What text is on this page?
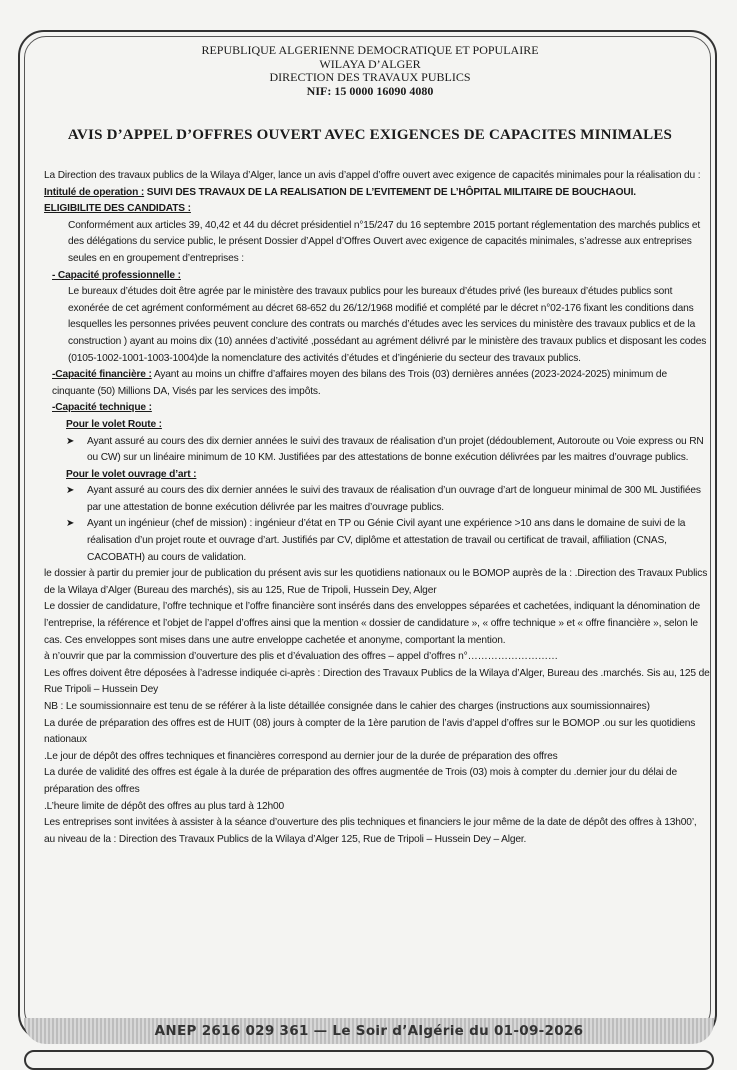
REPUBLIQUE ALGERIENNE DEMOCRATIQUE ET POPULAIRE
WILAYA D’ALGER
DIRECTION DES TRAVAUX PUBLICS
NIF: 15 0000 16090 4080
AVIS D’APPEL D’OFFRES OUVERT AVEC EXIGENCES DE CAPACITES MINIMALES

La Direction des travaux publics de la Wilaya d’Alger, lance un avis d’appel d’offre ouvert avec exigence de capacités minimales pour la réalisation du :

Intitulé de operation : SUIVI DES TRAVAUX DE LA REALISATION DE L’EVITEMENT DE L’HÔPITAL MILITAIRE DE BOUCHAOUI.

ELIGIBILITE DES CANDIDATS :

Conformément aux articles 39, 40,42 et 44 du décret présidentiel n°15/247 du 16 septembre 2015 portant réglementation des marchés publics et des délégations du service public, le présent Dossier d’Appel d’Offres Ouvert avec exigence de capacités minimales, s’adresse aux entreprises seules en en groupement d’entreprises :

- Capacité professionnelle :

Le bureaux d’études doit être agrée par le ministère des travaux publics pour les bureaux d’études privé (les bureaux d’études publics sont exonérée de cet agrément conformément au décret 68-652 du 26/12/1968 modifié et complété par le décret n°02-176 fixant les conditions dans lesquelles les personnes privées peuvent conclure des contrats ou marchés d’études avec les services du ministère des travaux publics et de la construction ) ayant au moins dix (10) années d’activité ,possédant au agrément délivré par le ministère des travaux publics et disposant les codes (0105-1002-1001-1003-1004)de la nomenclature des activités d’études et d’ingénierie du secteur des travaux publics.

-Capacité financière : Ayant au moins un chiffre d’affaires moyen des bilans des Trois (03) dernières années (2023-2024-2025) minimum de cinquante (50) Millions DA, Visés par les services des impôts.

-Capacité technique :

Pour le volet Route :

➤	Ayant assuré au cours des dix dernier années le suivi des travaux de réalisation d’un projet (dédoublement, Autoroute ou Voie express ou RN ou CW) sur un linéaire minimum de 10 KM. Justifiées par des attestations de bonne exécution délivrées par les maitres d’ouvrage publics.

Pour le volet ouvrage d’art :

➤	Ayant assuré au cours des dix dernier années le suivi des travaux de réalisation d’un ouvrage d’art de longueur minimal de 300 ML Justifiées par une attestation de bonne exécution délivrée par les maitres d’ouvrage publics.
➤	Ayant un ingénieur (chef de mission) : ingénieur d’état en TP ou Génie Civil ayant une expérience >10 ans dans le domaine de suivi de la réalisation d’un projet route et ouvrage d’art. Justifiés par CV, diplôme et attestation de travail ou certificat de travail, affiliation (CNAS, CACOBATH) au cours de validation.

le dossier à partir du premier jour de publication du présent avis sur les quotidiens nationaux ou le BOMOP auprès de la : .Direction des Travaux Publics de la Wilaya d’Alger (Bureau des marchés), sis au 125, Rue de Tripoli, Hussein Dey, Alger

Le dossier de candidature, l’offre technique et l’offre financière sont insérés dans des enveloppes séparées et cachetées, indiquant la dénomination de l’entreprise, la référence et l’objet de l’appel d’offres ainsi que la mention « dossier de candidature », « offre technique » et « offre financière », selon le cas. Ces enveloppes sont mises dans une autre enveloppe cachetée et anonyme, comportant la mention.

à n’ouvrir que par la commission d’ouverture des plis et d’évaluation des offres – appel d’offres n°………………………

Les offres doivent être déposées à l’adresse indiquée ci-après : Direction des Travaux Publics de la Wilaya d’Alger, Bureau des .marchés. Sis au, 125 de Rue Tripoli – Hussein Dey

NB : Le soumissionnaire est tenu de se référer à la liste détaillée consignée dans le cahier des charges (instructions aux soumissionnaires)

La durée de préparation des offres est de HUIT (08) jours à compter de la 1ère parution de l’avis d’appel d’offres sur le BOMOP .ou sur les quotidiens nationaux

.Le jour de dépôt des offres techniques et financières correspond au dernier jour de la durée de préparation des offres

La durée de validité des offres est égale à la durée de préparation des offres augmentée de Trois (03) mois à compter du .dernier jour du délai de préparation des offres

.L’heure limite de dépôt des offres au plus tard à 12h00

Les entreprises sont invitées à assister à la séance d’ouverture des plis techniques et financiers le jour même de la date de dépôt des offres à 13h00’, au niveau de la : Direction des Travaux Publics de la Wilaya d’Alger 125, Rue de Tripoli – Hussein Dey – Alger.

ANEP 2616 029 361 — Le Soir d’Algérie du 01-09-2026
